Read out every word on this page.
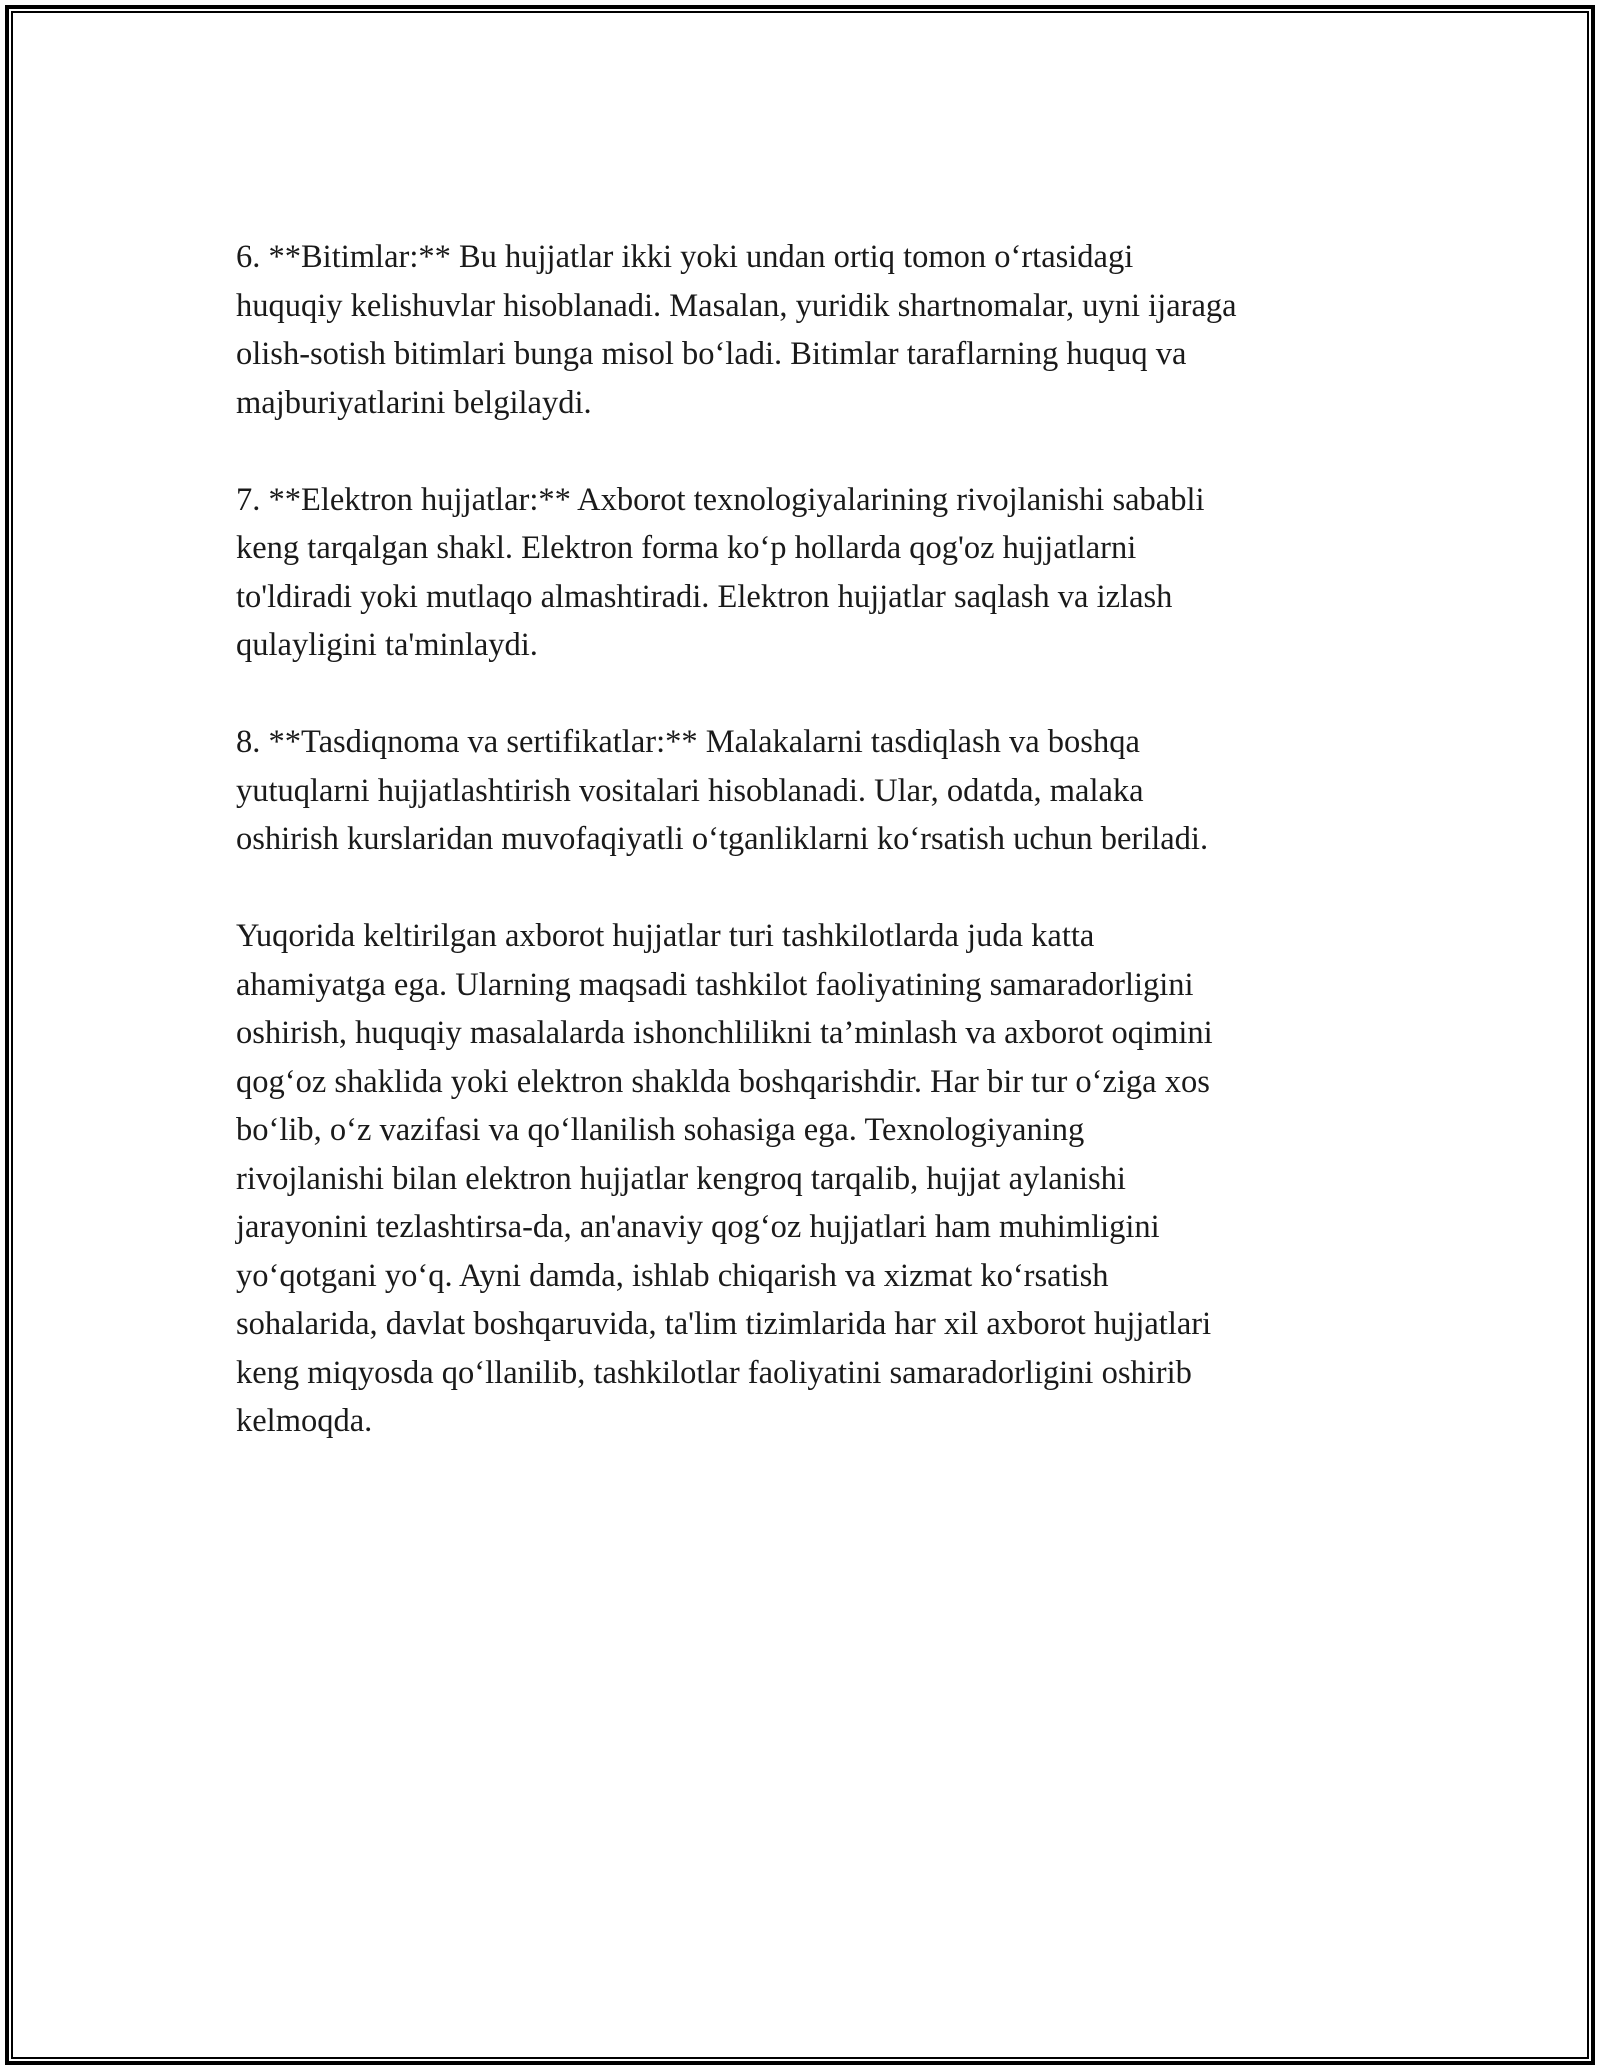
6. **Bitimlar:** Bu hujjatlar ikki yoki undan ortiq tomon o‘rtasidagi
huquqiy kelishuvlar hisoblanadi. Masalan, yuridik shartnomalar, uyni ijaraga
olish-sotish bitimlari bunga misol bo‘ladi. Bitimlar taraflarning huquq va
majburiyatlarini belgilaydi.

7. **Elektron hujjatlar:** Axborot texnologiyalarining rivojlanishi sababli
keng tarqalgan shakl. Elektron forma ko‘p hollarda qog'oz hujjatlarni
to'ldiradi yoki mutlaqo almashtiradi. Elektron hujjatlar saqlash va izlash
qulayligini ta'minlaydi.

8. **Tasdiqnoma va sertifikatlar:** Malakalarni tasdiqlash va boshqa
yutuqlarni hujjatlashtirish vositalari hisoblanadi. Ular, odatda, malaka
oshirish kurslaridan muvofaqiyatli o‘tganliklarni ko‘rsatish uchun beriladi.

Yuqorida keltirilgan axborot hujjatlar turi tashkilotlarda juda katta
ahamiyatga ega. Ularning maqsadi tashkilot faoliyatining samaradorligini
oshirish, huquqiy masalalarda ishonchlilikni ta’minlash va axborot oqimini
qog‘oz shaklida yoki elektron shaklda boshqarishdir. Har bir tur o‘ziga xos
bo‘lib, o‘z vazifasi va qo‘llanilish sohasiga ega. Texnologiyaning
rivojlanishi bilan elektron hujjatlar kengroq tarqalib, hujjat aylanishi
jarayonini tezlashtirsa-da, an'anaviy qog‘oz hujjatlari ham muhimligini
yo‘qotgani yo‘q. Ayni damda, ishlab chiqarish va xizmat ko‘rsatish
sohalarida, davlat boshqaruvida, ta'lim tizimlarida har xil axborot hujjatlari
keng miqyosda qo‘llanilib, tashkilotlar faoliyatini samaradorligini oshirib
kelmoqda.
